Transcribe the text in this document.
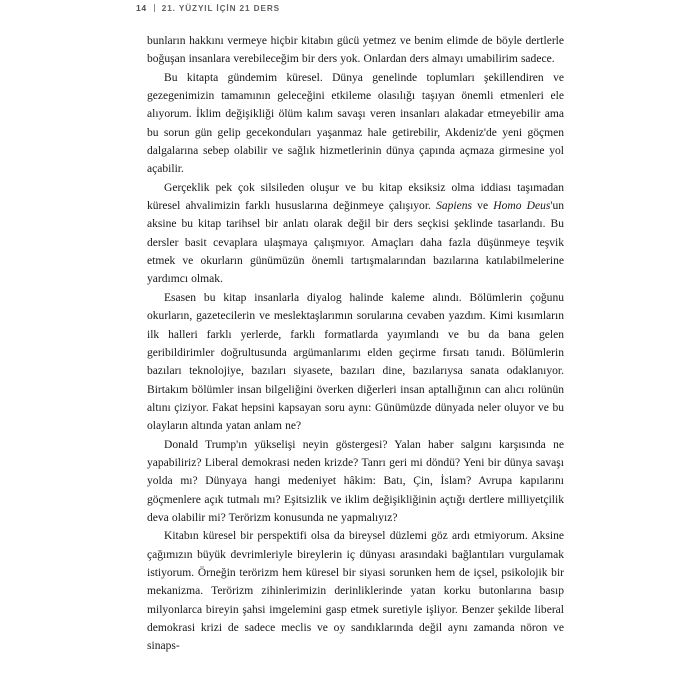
14 21. YÜZYIL İÇİN 21 DERS

bunların hakkını vermeye hiçbir kitabın gücü yetmez ve benim elimde de böyle dertlerle boğuşan insanlara verebileceğim bir ders yok. Onlardan ders almayı umabilirim sadece.

Bu kitapta gündemim küresel. Dünya genelinde toplumları şekillendiren ve gezegenimizin tamamının geleceğini etkileme olasılığı taşıyan önemli etmenleri ele alıyorum. İklim değişikliği ölüm kalım savaşı veren insanları alakadar etmeyebilir ama bu sorun gün gelip gecekonduları yaşanmaz hale getirebilir, Akdeniz'de yeni göçmen dalgalarına sebep olabilir ve sağlık hizmetlerinin dünya çapında açmaza girmesine yol açabilir.

Gerçeklik pek çok silsileden oluşur ve bu kitap eksiksiz olma iddiası taşımadan küresel ahvalimizin farklı hususlarına değinmeye çalışıyor. Sapiens ve Homo Deus'un aksine bu kitap tarihsel bir anlatı olarak değil bir ders seçkisi şeklinde tasarlandı. Bu dersler basit cevaplara ulaşmaya çalışmıyor. Amaçları daha fazla düşünmeye teşvik etmek ve okurların günümüzün önemli tartışmalarından bazılarına katılabilmelerine yardımcı olmak.

Esasen bu kitap insanlarla diyalog halinde kaleme alındı. Bölümlerin çoğunu okurların, gazetecilerin ve meslektaşlarımın sorularına cevaben yazdım. Kimi kısımların ilk halleri farklı yerlerde, farklı formatlarda yayımlandı ve bu da bana gelen geribildirimler doğrultusunda argümanlarımı elden geçirme fırsatı tanıdı. Bölümlerin bazıları teknolojiye, bazıları siyasete, bazıları dine, bazılarıysa sanata odaklanıyor. Birtakım bölümler insan bilgeliğini överken diğerleri insan aptallığının can alıcı rolünün altını çiziyor. Fakat hepsini kapsayan soru aynı: Günümüzde dünyada neler oluyor ve bu olayların altında yatan anlam ne?

Donald Trump'ın yükselişi neyin göstergesi? Yalan haber salgını karşısında ne yapabiliriz? Liberal demokrasi neden krizde? Tanrı geri mi döndü? Yeni bir dünya savaşı yolda mı? Dünyaya hangi medeniyet hâkim: Batı, Çin, İslam? Avrupa kapılarını göçmenlere açık tutmalı mı? Eşitsizlik ve iklim değişikliğinin açtığı dertlere milliyetçilik deva olabilir mi? Terörizm konusunda ne yapmalıyız?

Kitabın küresel bir perspektifi olsa da bireysel düzlemi göz ardı etmiyorum. Aksine çağımızın büyük devrimleriyle bireylerin iç dünyası arasındaki bağlantıları vurgulamak istiyorum. Örneğin terörizm hem küresel bir siyasi sorunken hem de içsel, psikolojik bir mekanizma. Terörizm zihinlerimizin derinliklerinde yatan korku butonlarına basıp milyonlarca bireyin şahsi imgelemini gasp etmek suretiyle işliyor. Benzer şekilde liberal demokrasi krizi de sadece meclis ve oy sandıklarında değil aynı zamanda nöron ve sinaps-
